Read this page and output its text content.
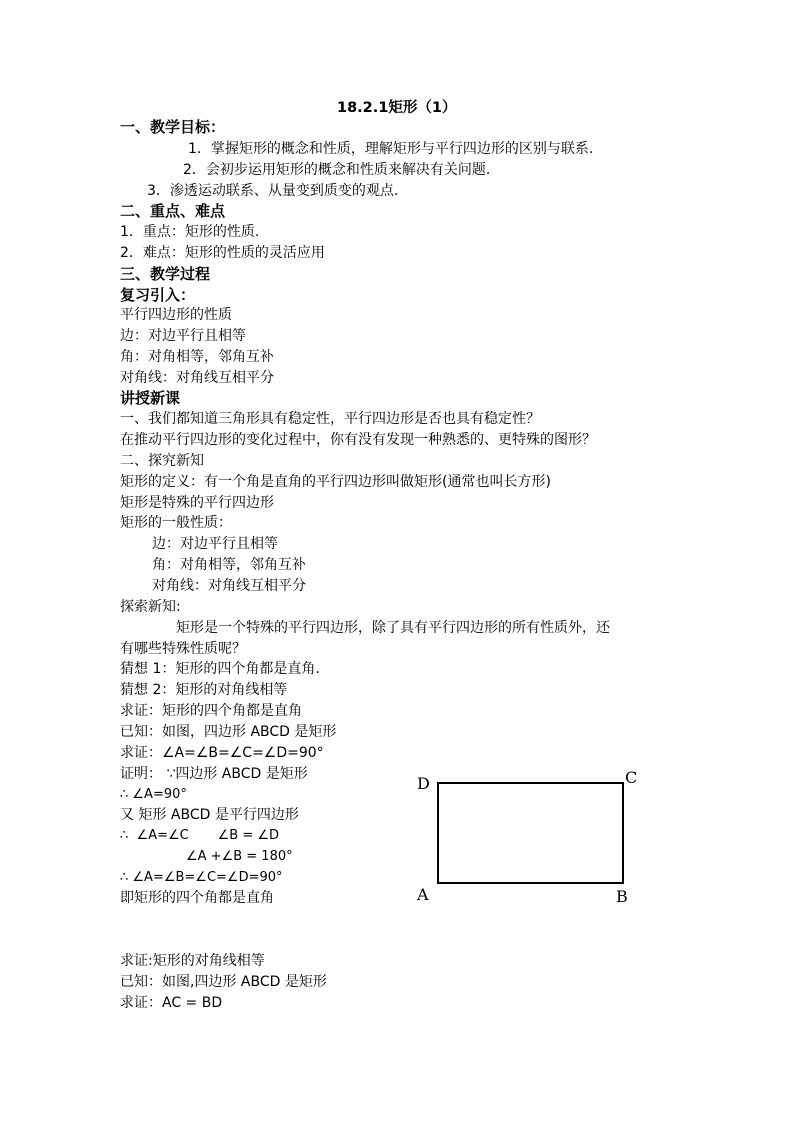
18.2.1矩形（1）
一、教学目标：
1．掌握矩形的概念和性质，理解矩形与平行四边形的区别与联系.
2．会初步运用矩形的概念和性质来解决有关问题.
3．渗透运动联系、从量变到质变的观点.
二、重点、难点
1．重点：矩形的性质.
2．难点：矩形的性质的灵活应用
三、教学过程
复习引入：
平行四边形的性质
边：对边平行且相等
角：对角相等，邻角互补
对角线：对角线互相平分
讲授新课
一、我们都知道三角形具有稳定性，平行四边形是否也具有稳定性？
在推动平行四边形的变化过程中，你有没有发现一种熟悉的、更特殊的图形？
二、探究新知
矩形的定义：有一个角是直角的平行四边形叫做矩形(通常也叫长方形)
矩形是特殊的平行四边形
矩形的一般性质：
边：对边平行且相等
角：对角相等，邻角互补
对角线：对角线互相平分
探索新知:
矩形是一个特殊的平行四边形，除了具有平行四边形的所有性质外，还
有哪些特殊性质呢？
猜想 1：矩形的四个角都是直角.
猜想 2：矩形的对角线相等
求证：矩形的四个角都是直角
已知：如图，四边形 ABCD 是矩形
求证：∠A=∠B=∠C=∠D=90°
证明： ∵四边形 ABCD 是矩形
∴ ∠A=90°
又 矩形 ABCD 是平行四边形
∴  ∠A=∠C       ∠B = ∠D
∠A +∠B = 180°
∴ ∠A=∠B=∠C=∠D=90°
即矩形的四个角都是直角
求证:矩形的对角线相等
已知：如图,四边形 ABCD 是矩形
求证：AC = BD
D	C
A	B
